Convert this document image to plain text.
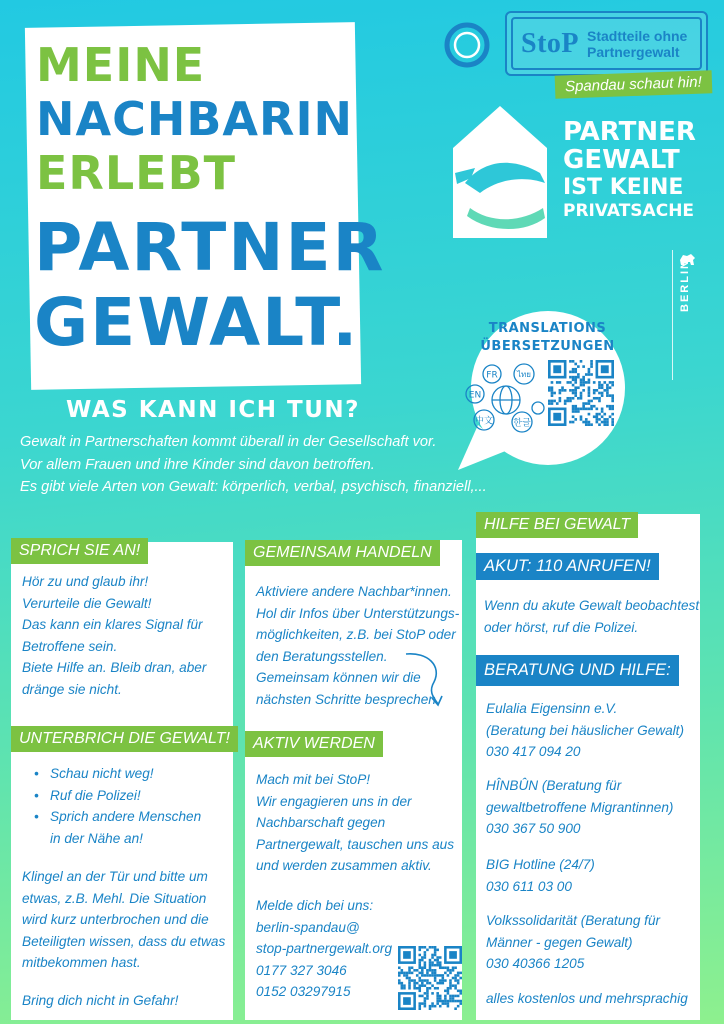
MEINE
NACHBARIN
ERLEBT
PARTNER
GEWALT.
WAS KANN ICH TUN?

Gewalt in Partnerschaften kommt überall in der Gesellschaft vor.

Vor allem Frauen und ihre Kinder sind davon betroffen.

Es gibt viele Arten von Gewalt: körperlich, verbal, psychisch, finanziell,...

StoP Stadtteile ohne
Partnergewalt
Spandau schaut hin!
PARTNER
GEWALT
IST KEINE
PRIVATSACHE
BERLIN
TRANSLATIONS
ÜBERSETZUNGEN
FR ไทย
EN
中文 한글
SPRICH SIE AN!

Hör zu und glaub ihr!

Verurteile die Gewalt!

Das kann ein klares Signal für

Betroffene sein.

Biete Hilfe an. Bleib dran, aber

dränge sie nicht.

UNTERBRICH DIE GEWALT!
• Schau nicht weg!
• Ruf die Polizei!
• Sprich andere Menschen

in der Nähe an!

Klingel an der Tür und bitte um

etwas, z.B. Mehl. Die Situation

wird kurz unterbrochen und die

Beteiligten wissen, dass du etwas

mitbekommen hast.

Bring dich nicht in Gefahr!
GEMEINSAM HANDELN

Aktiviere andere Nachbar*innen.

Hol dir Infos über Unterstützungs-

möglichkeiten, z.B. bei StoP oder

den Beratungsstellen.

Gemeinsam können wir die

nächsten Schritte besprechen.

AKTIV WERDEN

Mach mit bei StoP!

Wir engagieren uns in der

Nachbarschaft gegen

Partnergewalt, tauschen uns aus

und werden zusammen aktiv.

Melde dich bei uns:

berlin-spandau@

stop-partnergewalt.org

0177 327 3046

0152 03297915

HILFE BEI GEWALT
AKUT: 110 ANRUFEN!

Wenn du akute Gewalt beobachtest

oder hörst, ruf die Polizei.

BERATUNG UND HILFE:

Eulalia Eigensinn e.V.

(Beratung bei häuslicher Gewalt)

030 417 094 20

HÎNBÛN (Beratung für

gewaltbetroffene Migrantinnen)

030 367 50 900

BIG Hotline (24/7)

030 611 03 00

Volkssolidarität (Beratung für

Männer - gegen Gewalt)

030 40366 1205

alles kostenlos und mehrsprachig
